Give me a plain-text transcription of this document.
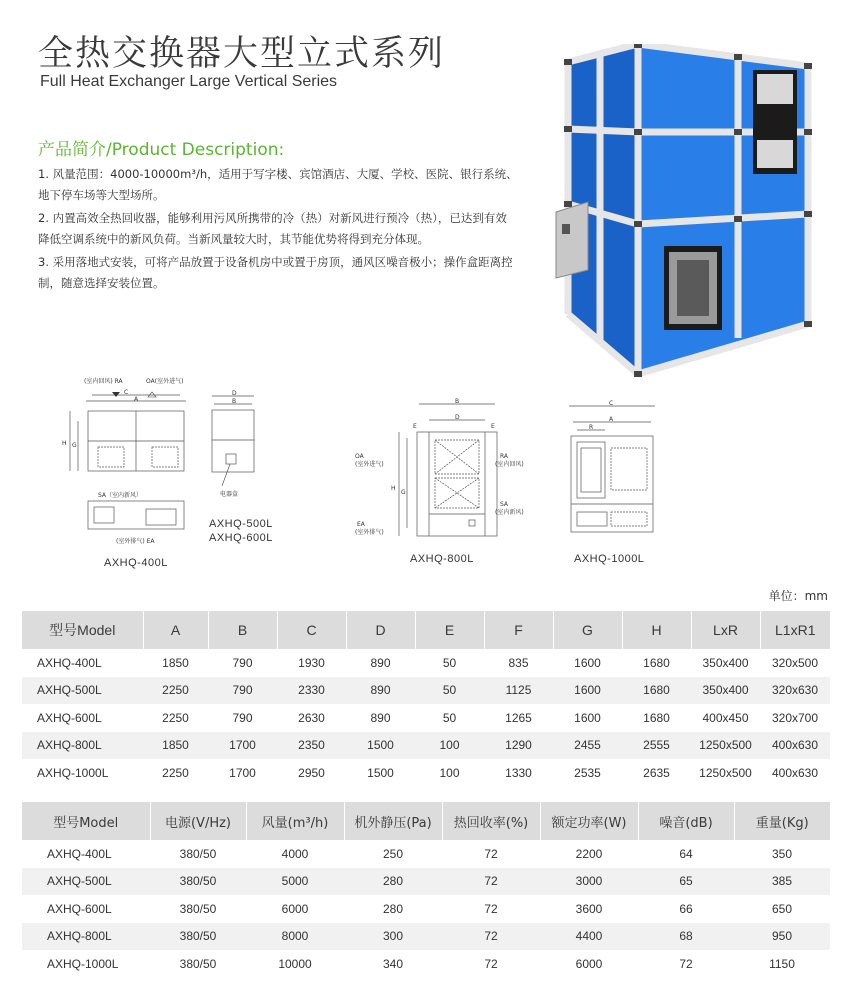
全热交换器大型立式系列
Full Heat Exchanger Large Vertical Series
产品简介/Product Description:

1. 风量范围：4000-10000m³/h，适用于写字楼、宾馆酒店、大厦、学校、医院、银行系统、地下停车场等大型场所。

2. 内置高效全热回收器，能够利用污风所携带的冷（热）对新风进行预冷（热），已达到有效降低空调系统中的新风负荷。当新风量较大时，其节能优势将得到充分体现。

3. 采用落地式安装，可将产品放置于设备机房中或置于房顶，通风区噪音极小；操作盒距离控制，随意选择安装位置。

(室内回风) RA	OA(室外进气)
C
A
H G
SA（室内新风）
(室外排气) EA
AXHQ-400L
D
B
电器盒
AXHQ-500L
AXHQ-600L
B
D
E	E
H
G
OA
(室外进气)
RA
(室内回风)
SA
(室内新风)
EA
(室外排气)
AXHQ-800L
C
A
R
AXHQ-1000L
单位：mm
型号Model	A	B	C	D	E	F	G	H	LxR	L1xR1
AXHQ-400L	1850	790	1930	890	50	835	1600	1680	350x400	320x500
AXHQ-500L	2250	790	2330	890	50	1125	1600	1680	350x400	320x630
AXHQ-600L	2250	790	2630	890	50	1265	1600	1680	400x450	320x700
AXHQ-800L	1850	1700	2350	1500	100	1290	2455	2555	1250x500	400x630
AXHQ-1000L	2250	1700	2950	1500	100	1330	2535	2635	1250x500	400x630
型号Model	电源(V/Hz)	风量(m³/h)	机外静压(Pa)	热回收率(%)	额定功率(W)	噪音(dB)	重量(Kg)
AXHQ-400L	380/50	4000	250	72	2200	64	350
AXHQ-500L	380/50	5000	280	72	3000	65	385
AXHQ-600L	380/50	6000	280	72	3600	66	650
AXHQ-800L	380/50	8000	300	72	4400	68	950
AXHQ-1000L	380/50	10000	340	72	6000	72	1150
